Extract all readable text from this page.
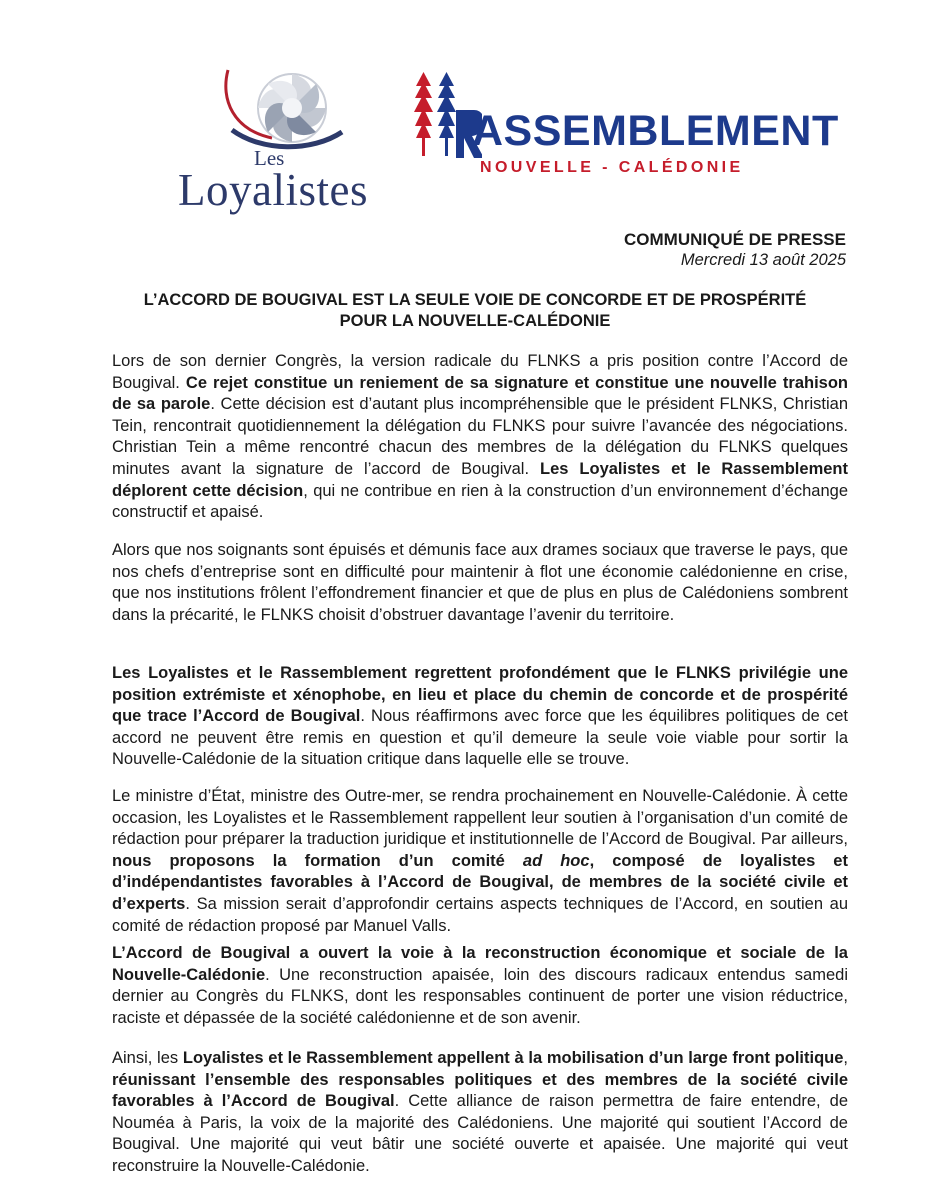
Les
Loyalistes
ASSEMBLEMENT
NOUVELLE - CALÉDONIE
COMMUNIQUÉ DE PRESSE
Mercredi 13 août 2025
L’ACCORD DE BOUGIVAL EST LA SEULE VOIE DE CONCORDE ET DE PROSPÉRITÉ
POUR LA NOUVELLE-CALÉDONIE

Lors de son dernier Congrès, la version radicale du FLNKS a pris position contre l’Accord de Bougival. Ce rejet constitue un reniement de sa signature et constitue une nouvelle trahison de sa parole. Cette décision est d’autant plus incompréhensible que le président FLNKS, Christian Tein, rencontrait quotidiennement la délégation du FLNKS pour suivre l’avancée des négociations. Christian Tein a même rencontré chacun des membres de la délégation du FLNKS quelques minutes avant la signature de l’accord de Bougival. Les Loyalistes et le Rassemblement déplorent cette décision, qui ne contribue en rien à la construction d’un environnement d’échange constructif et apaisé.

Alors que nos soignants sont épuisés et démunis face aux drames sociaux que traverse le pays, que nos chefs d’entreprise sont en difficulté pour maintenir à flot une économie calédonienne en crise, que nos institutions frôlent l’effondrement financier et que de plus en plus de Calédoniens sombrent dans la précarité, le FLNKS choisit d’obstruer davantage l’avenir du territoire.

Les Loyalistes et le Rassemblement regrettent profondément que le FLNKS privilégie une position extrémiste et xénophobe, en lieu et place du chemin de concorde et de prospérité que trace l’Accord de Bougival. Nous réaffirmons avec force que les équilibres politiques de cet accord ne peuvent être remis en question et qu’il demeure la seule voie viable pour sortir la Nouvelle-Calédonie de la situation critique dans laquelle elle se trouve.

Le ministre d’État, ministre des Outre-mer, se rendra prochainement en Nouvelle-Calédonie. À cette occasion, les Loyalistes et le Rassemblement rappellent leur soutien à l’organisation d’un comité de rédaction pour préparer la traduction juridique et institutionnelle de l’Accord de Bougival. Par ailleurs, nous proposons la formation d’un comité ad hoc, composé de loyalistes et d’indépendantistes favorables à l’Accord de Bougival, de membres de la société civile et d’experts. Sa mission serait d’approfondir certains aspects techniques de l’Accord, en soutien au comité de rédaction proposé par Manuel Valls.

L’Accord de Bougival a ouvert la voie à la reconstruction économique et sociale de la Nouvelle-Calédonie. Une reconstruction apaisée, loin des discours radicaux entendus samedi dernier au Congrès du FLNKS, dont les responsables continuent de porter une vision réductrice, raciste et dépassée de la société calédonienne et de son avenir.

Ainsi, les Loyalistes et le Rassemblement appellent à la mobilisation d’un large front politique, réunissant l’ensemble des responsables politiques et des membres de la société civile favorables à l’Accord de Bougival. Cette alliance de raison permettra de faire entendre, de Nouméa à Paris, la voix de la majorité des Calédoniens. Une majorité qui soutient l’Accord de Bougival. Une majorité qui veut bâtir une société ouverte et apaisée. Une majorité qui veut reconstruire la Nouvelle-Calédonie.
